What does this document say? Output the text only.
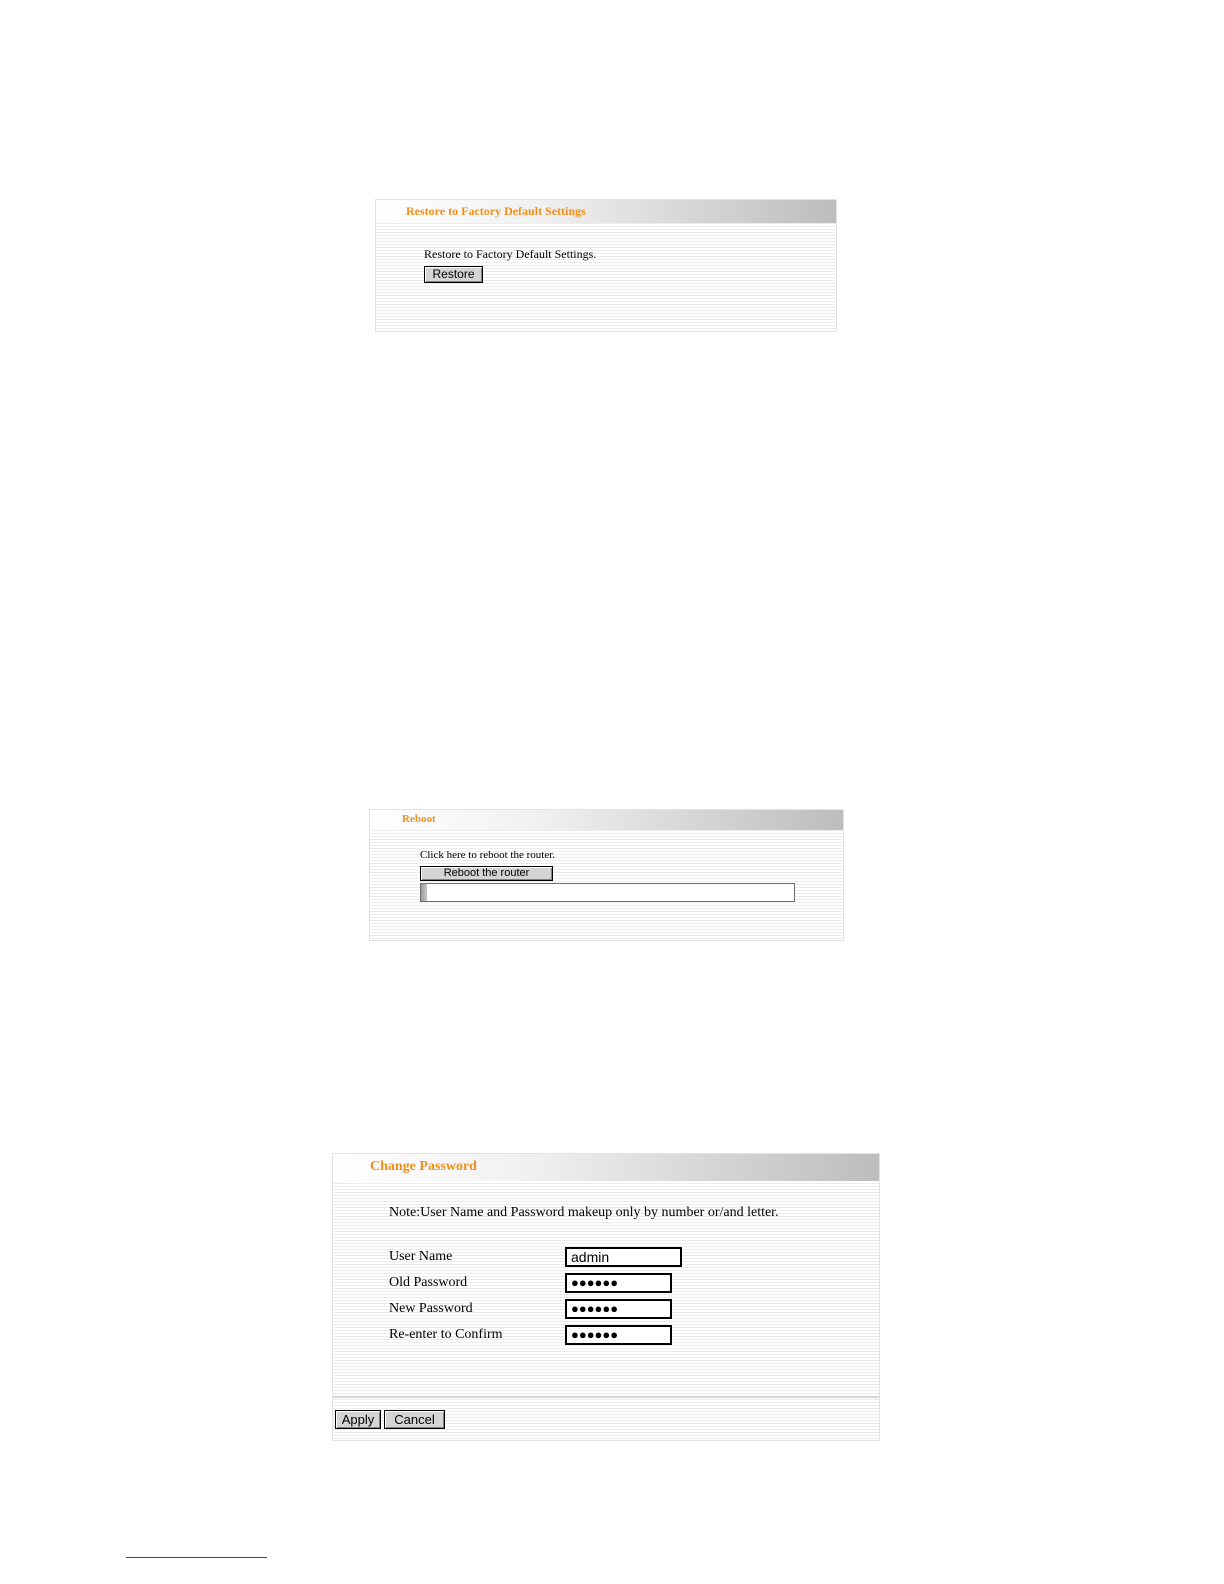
Restore to Factory Default Settings
Restore to Factory Default Settings.
Restore
Reboot
Click here to reboot the router.
Reboot the router
Change Password
Note:User Name and Password makeup only by number or/and letter.
User Name	admin
Old Password	●●●●●●
New Password	●●●●●●
Re-enter to Confirm	●●●●●●
Apply	Cancel
